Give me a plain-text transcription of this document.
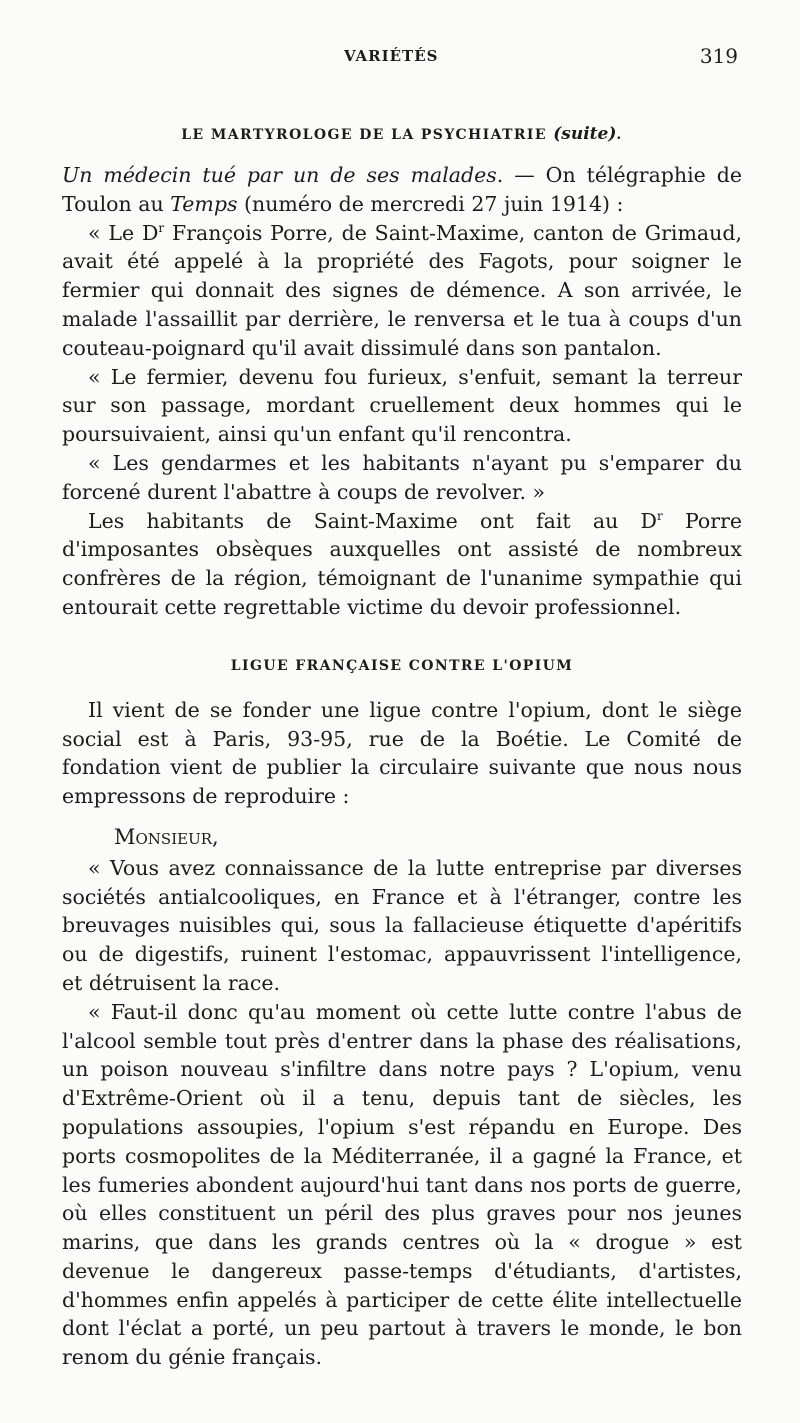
VARIÉTÉS	319
LE MARTYROLOGE DE LA PSYCHIATRIE (suite).

Un médecin tué par un de ses malades. — On télégraphie de Toulon au Temps (numéro de mercredi 27 juin 1914) :

« Le $D^r$ François Porre, de Saint-Maxime, canton de Grimaud, avait été appelé à la propriété des Fagots, pour soigner le fermier qui donnait des signes de démence. A son arrivée, le malade l'assaillit par derrière, le renversa et le tua à coups d'un couteau-poignard qu'il avait dissimulé dans son pantalon.

« Le fermier, devenu fou furieux, s'enfuit, semant la terreur sur son passage, mordant cruellement deux hommes qui le poursuivaient, ainsi qu'un enfant qu'il rencontra.

« Les gendarmes et les habitants n'ayant pu s'emparer du forcené durent l'abattre à coups de revolver. »

Les habitants de Saint-Maxime ont fait au $D^r$ Porre d'imposantes obsèques auxquelles ont assisté de nombreux confrères de la région, témoignant de l'unanime sympathie qui entourait cette regrettable victime du devoir professionnel.

LIGUE FRANÇAISE CONTRE L'OPIUM

Il vient de se fonder une ligue contre l'opium, dont le siège social est à Paris, 93-95, rue de la Boétie. Le Comité de fondation vient de publier la circulaire suivante que nous nous empressons de reproduire :

Monsieur,

« Vous avez connaissance de la lutte entreprise par diverses sociétés antialcooliques, en France et à l'étranger, contre les breuvages nuisibles qui, sous la fallacieuse étiquette d'apéritifs ou de digestifs, ruinent l'estomac, appauvrissent l'intelligence, et détruisent la race.

« Faut-il donc qu'au moment où cette lutte contre l'abus de l'alcool semble tout près d'entrer dans la phase des réalisations, un poison nouveau s'infiltre dans notre pays ? L'opium, venu d'Extrême-Orient où il a tenu, depuis tant de siècles, les populations assoupies, l'opium s'est répandu en Europe. Des ports cosmopolites de la Méditerranée, il a gagné la France, et les fumeries abondent aujourd'hui tant dans nos ports de guerre, où elles constituent un péril des plus graves pour nos jeunes marins, que dans les grands centres où la « drogue » est devenue le dangereux passe-temps d'étudiants, d'artistes, d'hommes enfin appelés à participer de cette élite intellectuelle dont l'éclat a porté, un peu partout à travers le monde, le bon renom du génie français.
